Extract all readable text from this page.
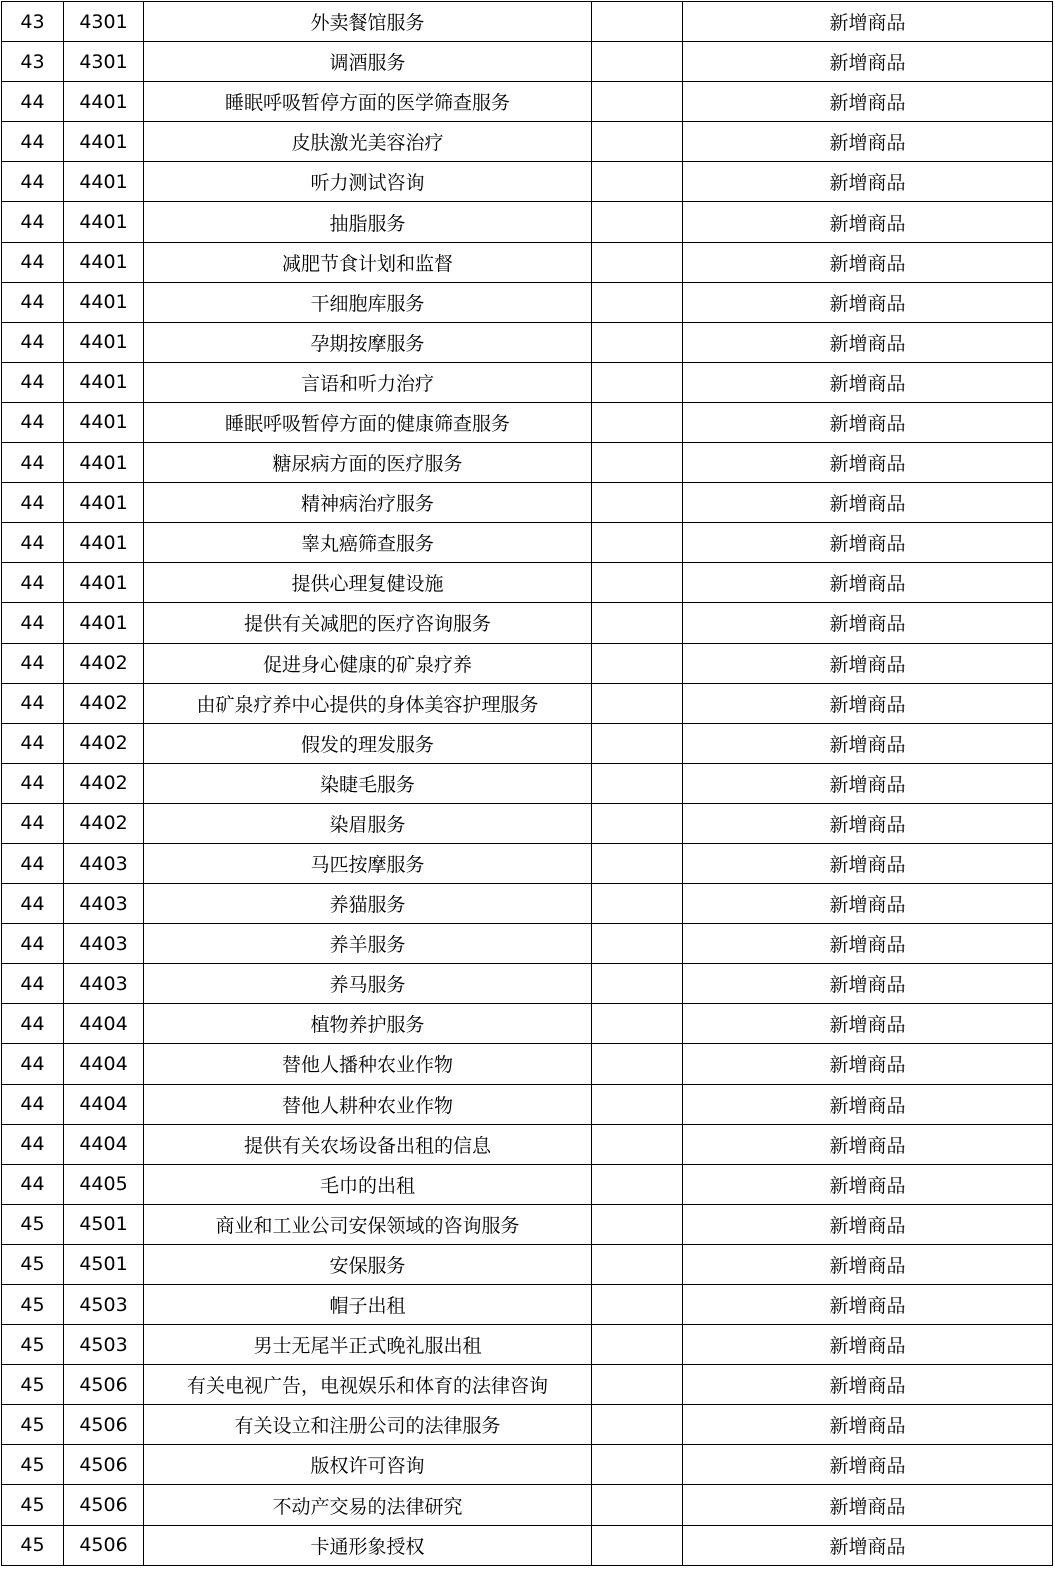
43	4301	外卖餐馆服务		新增商品
43	4301	调酒服务		新增商品
44	4401	睡眠呼吸暂停方面的医学筛查服务		新增商品
44	4401	皮肤激光美容治疗		新增商品
44	4401	听力测试咨询		新增商品
44	4401	抽脂服务		新增商品
44	4401	减肥节食计划和监督		新增商品
44	4401	干细胞库服务		新增商品
44	4401	孕期按摩服务		新增商品
44	4401	言语和听力治疗		新增商品
44	4401	睡眠呼吸暂停方面的健康筛查服务		新增商品
44	4401	糖尿病方面的医疗服务		新增商品
44	4401	精神病治疗服务		新增商品
44	4401	睾丸癌筛查服务		新增商品
44	4401	提供心理复健设施		新增商品
44	4401	提供有关减肥的医疗咨询服务		新增商品
44	4402	促进身心健康的矿泉疗养		新增商品
44	4402	由矿泉疗养中心提供的身体美容护理服务		新增商品
44	4402	假发的理发服务		新增商品
44	4402	染睫毛服务		新增商品
44	4402	染眉服务		新增商品
44	4403	马匹按摩服务		新增商品
44	4403	养猫服务		新增商品
44	4403	养羊服务		新增商品
44	4403	养马服务		新增商品
44	4404	植物养护服务		新增商品
44	4404	替他人播种农业作物		新增商品
44	4404	替他人耕种农业作物		新增商品
44	4404	提供有关农场设备出租的信息		新增商品
44	4405	毛巾的出租		新增商品
45	4501	商业和工业公司安保领域的咨询服务		新增商品
45	4501	安保服务		新增商品
45	4503	帽子出租		新增商品
45	4503	男士无尾半正式晚礼服出租		新增商品
45	4506	有关电视广告，电视娱乐和体育的法律咨询		新增商品
45	4506	有关设立和注册公司的法律服务		新增商品
45	4506	版权许可咨询		新增商品
45	4506	不动产交易的法律研究		新增商品
45	4506	卡通形象授权		新增商品
